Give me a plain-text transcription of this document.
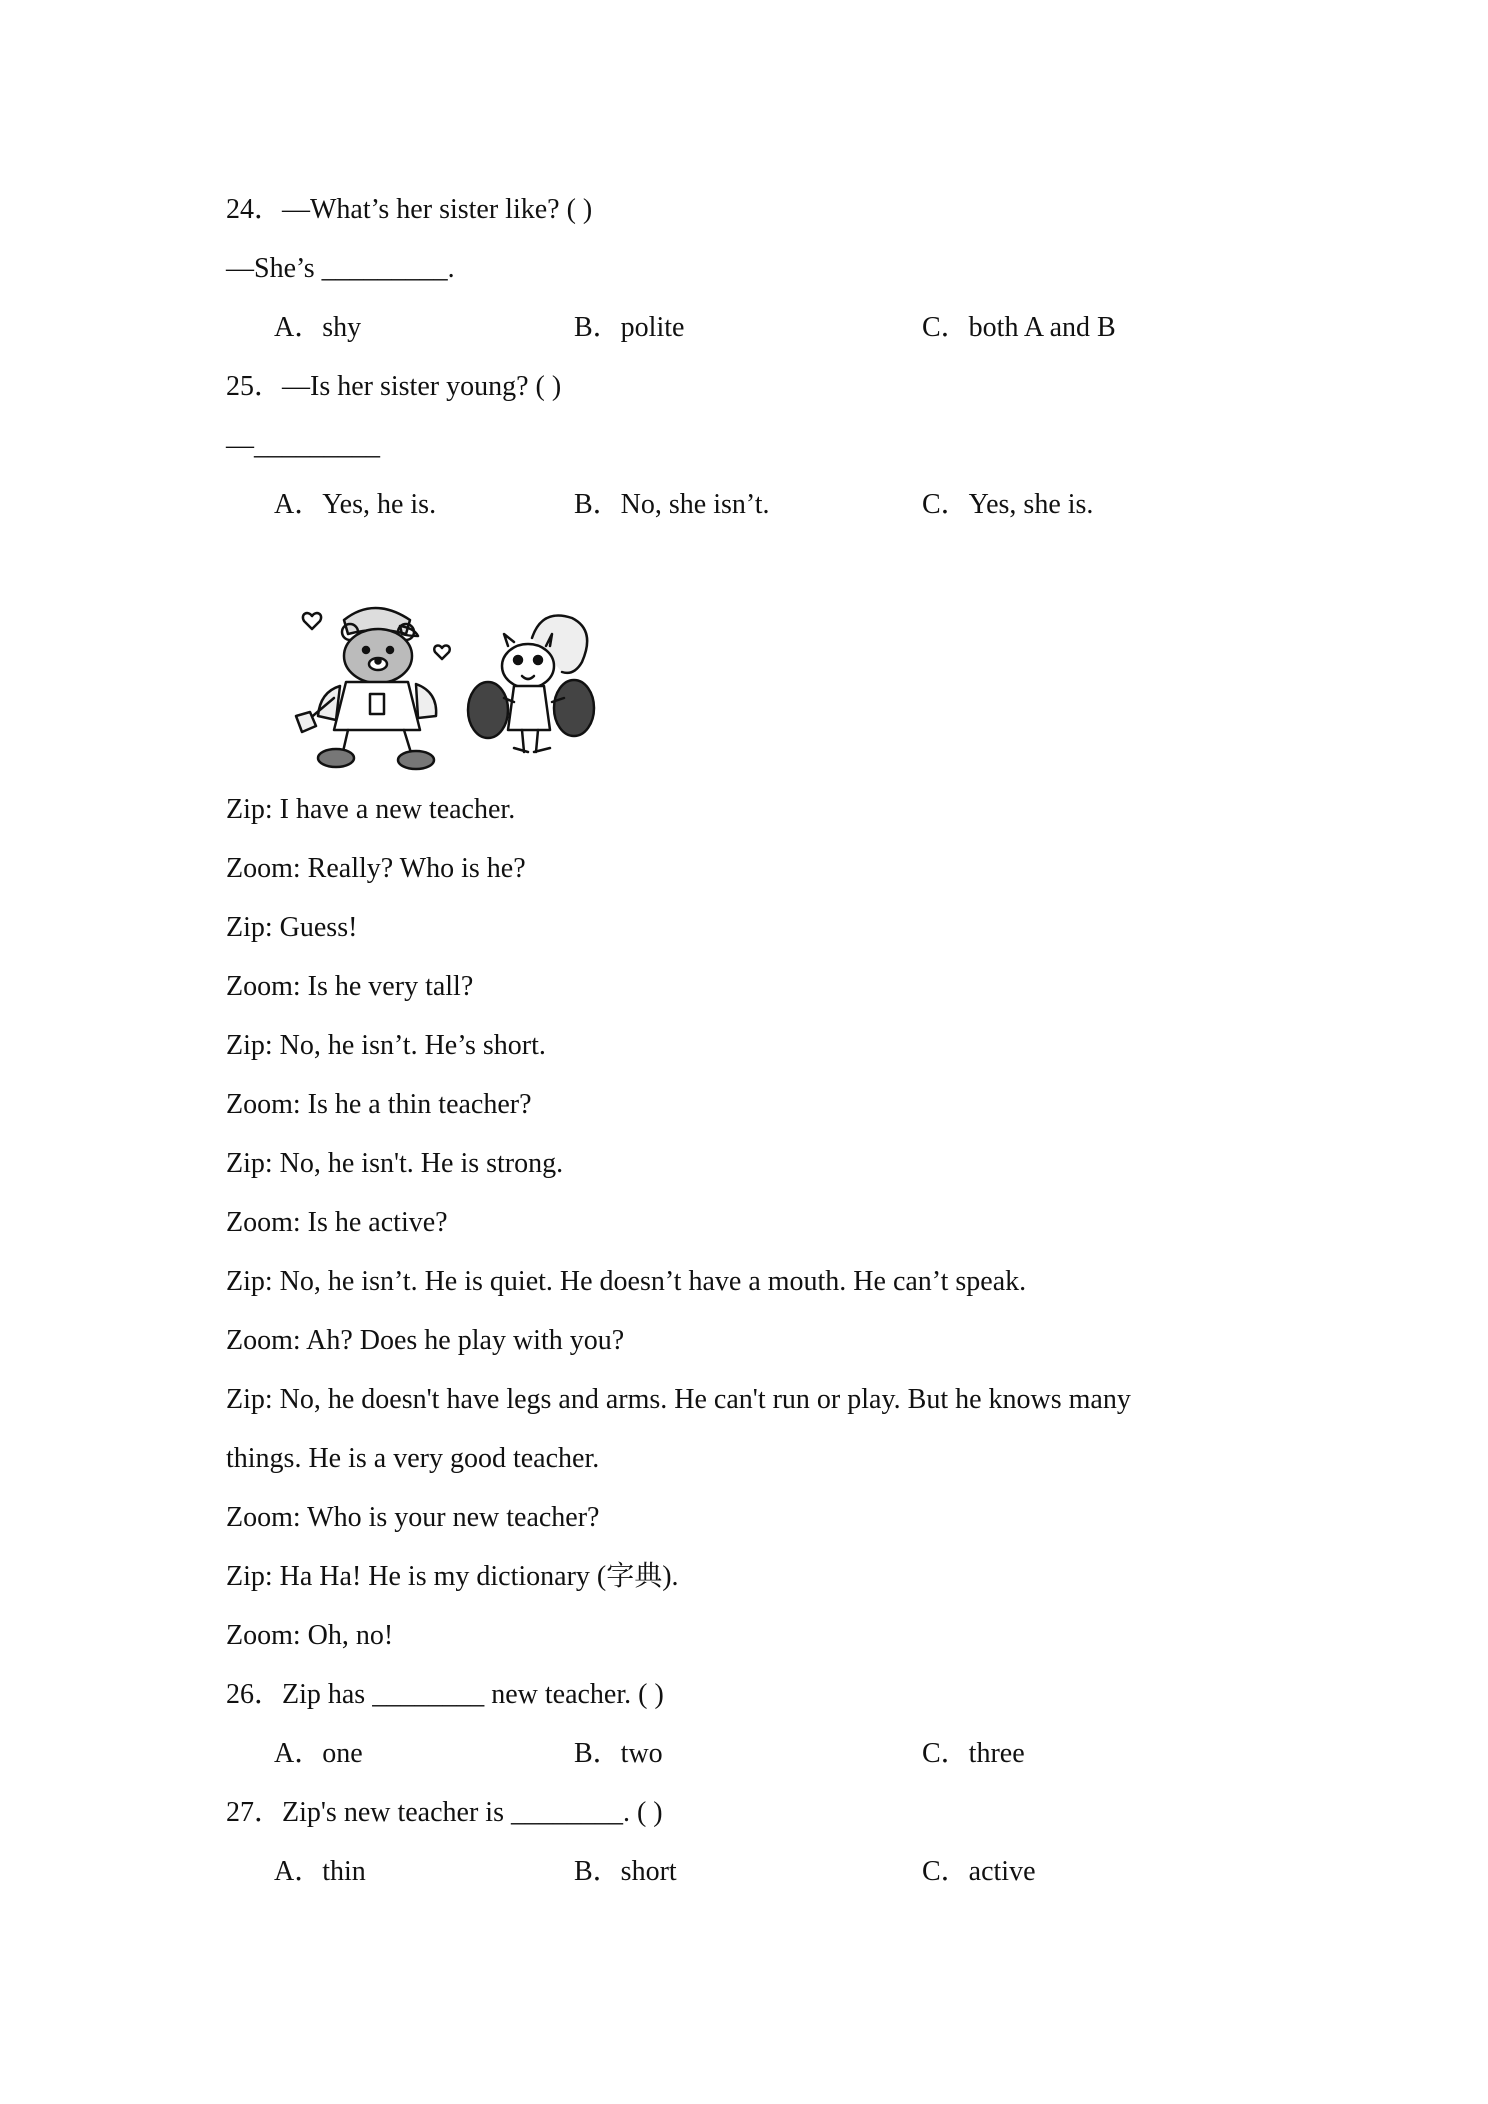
24．—What’s her sister like? ( )
—She’s _________.
A．shy	B．polite	C．both A and B
25．—Is her sister young? ( )
—_________
A．Yes, he is.	B．No, she isn’t.	C．Yes, she is.
Zip: I have a new teacher.
Zoom: Really? Who is he?
Zip: Guess!
Zoom: Is he very tall?
Zip: No, he isn’t. He’s short.
Zoom: Is he a thin teacher?
Zip: No, he isn't. He is strong.
Zoom: Is he active?
Zip: No, he isn’t. He is quiet. He doesn’t have a mouth. He can’t speak.
Zoom: Ah? Does he play with you?
Zip: No, he doesn't have legs and arms. He can't run or play. But he knows many
things. He is a very good teacher.
Zoom: Who is your new teacher?
Zip: Ha Ha! He is my dictionary (字典).
Zoom: Oh, no!
26．Zip has ________ new teacher. ( )
A．one	B．two	C．three
27．Zip's new teacher is ________. ( )
A．thin	B．short	C．active
